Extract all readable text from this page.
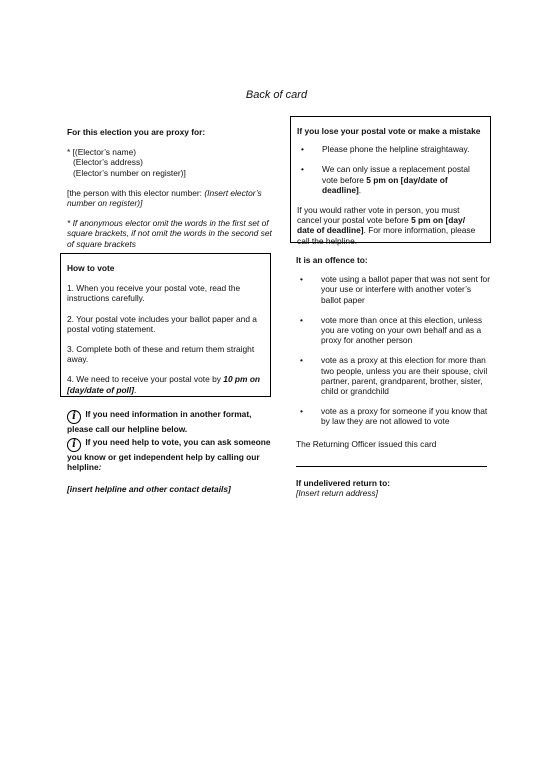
Back of card

For this election you are proxy for:

* [(Elector’s name)

(Elector’s address)

(Elector’s number on register)]

[the person with this elector number: (Insert elector’s number on register)]

* If anonymous elector omit the words in the first set of square brackets, if not omit the words in the second set of square brackets

If you lose your postal vote or make a mistake

• Please phone the helpline straightaway.
• We can only issue a replacement postal vote before 5 pm on [day/date of deadline].

If you would rather vote in person, you must cancel your postal vote before 5 pm on [day/ date of deadline]. For more information, please call the helpline.

How to vote

1. When you receive your postal vote, read the instructions carefully.

2. Your postal vote includes your ballot paper and a postal voting statement.

3. Complete both of these and return them straight away.

4. We need to receive your postal vote by 10 pm on [day/date of poll].

i If you need information in another format, please call our helpline below.

i If you need help to vote, you can ask someone you know or get independent help by calling our helpline:

[insert helpline and other contact details]

It is an offence to:

• vote using a ballot paper that was not sent for your use or interfere with another voter’s ballot paper
• vote more than once at this election, unless you are voting on your own behalf and as a proxy for another person
• vote as a proxy at this election for more than two people, unless you are their spouse, civil partner, parent, grandparent, brother, sister, child or grandchild
• vote as a proxy for someone if you know that by law they are not allowed to vote

The Returning Officer issued this card

If undelivered return to:

[Insert return address]
